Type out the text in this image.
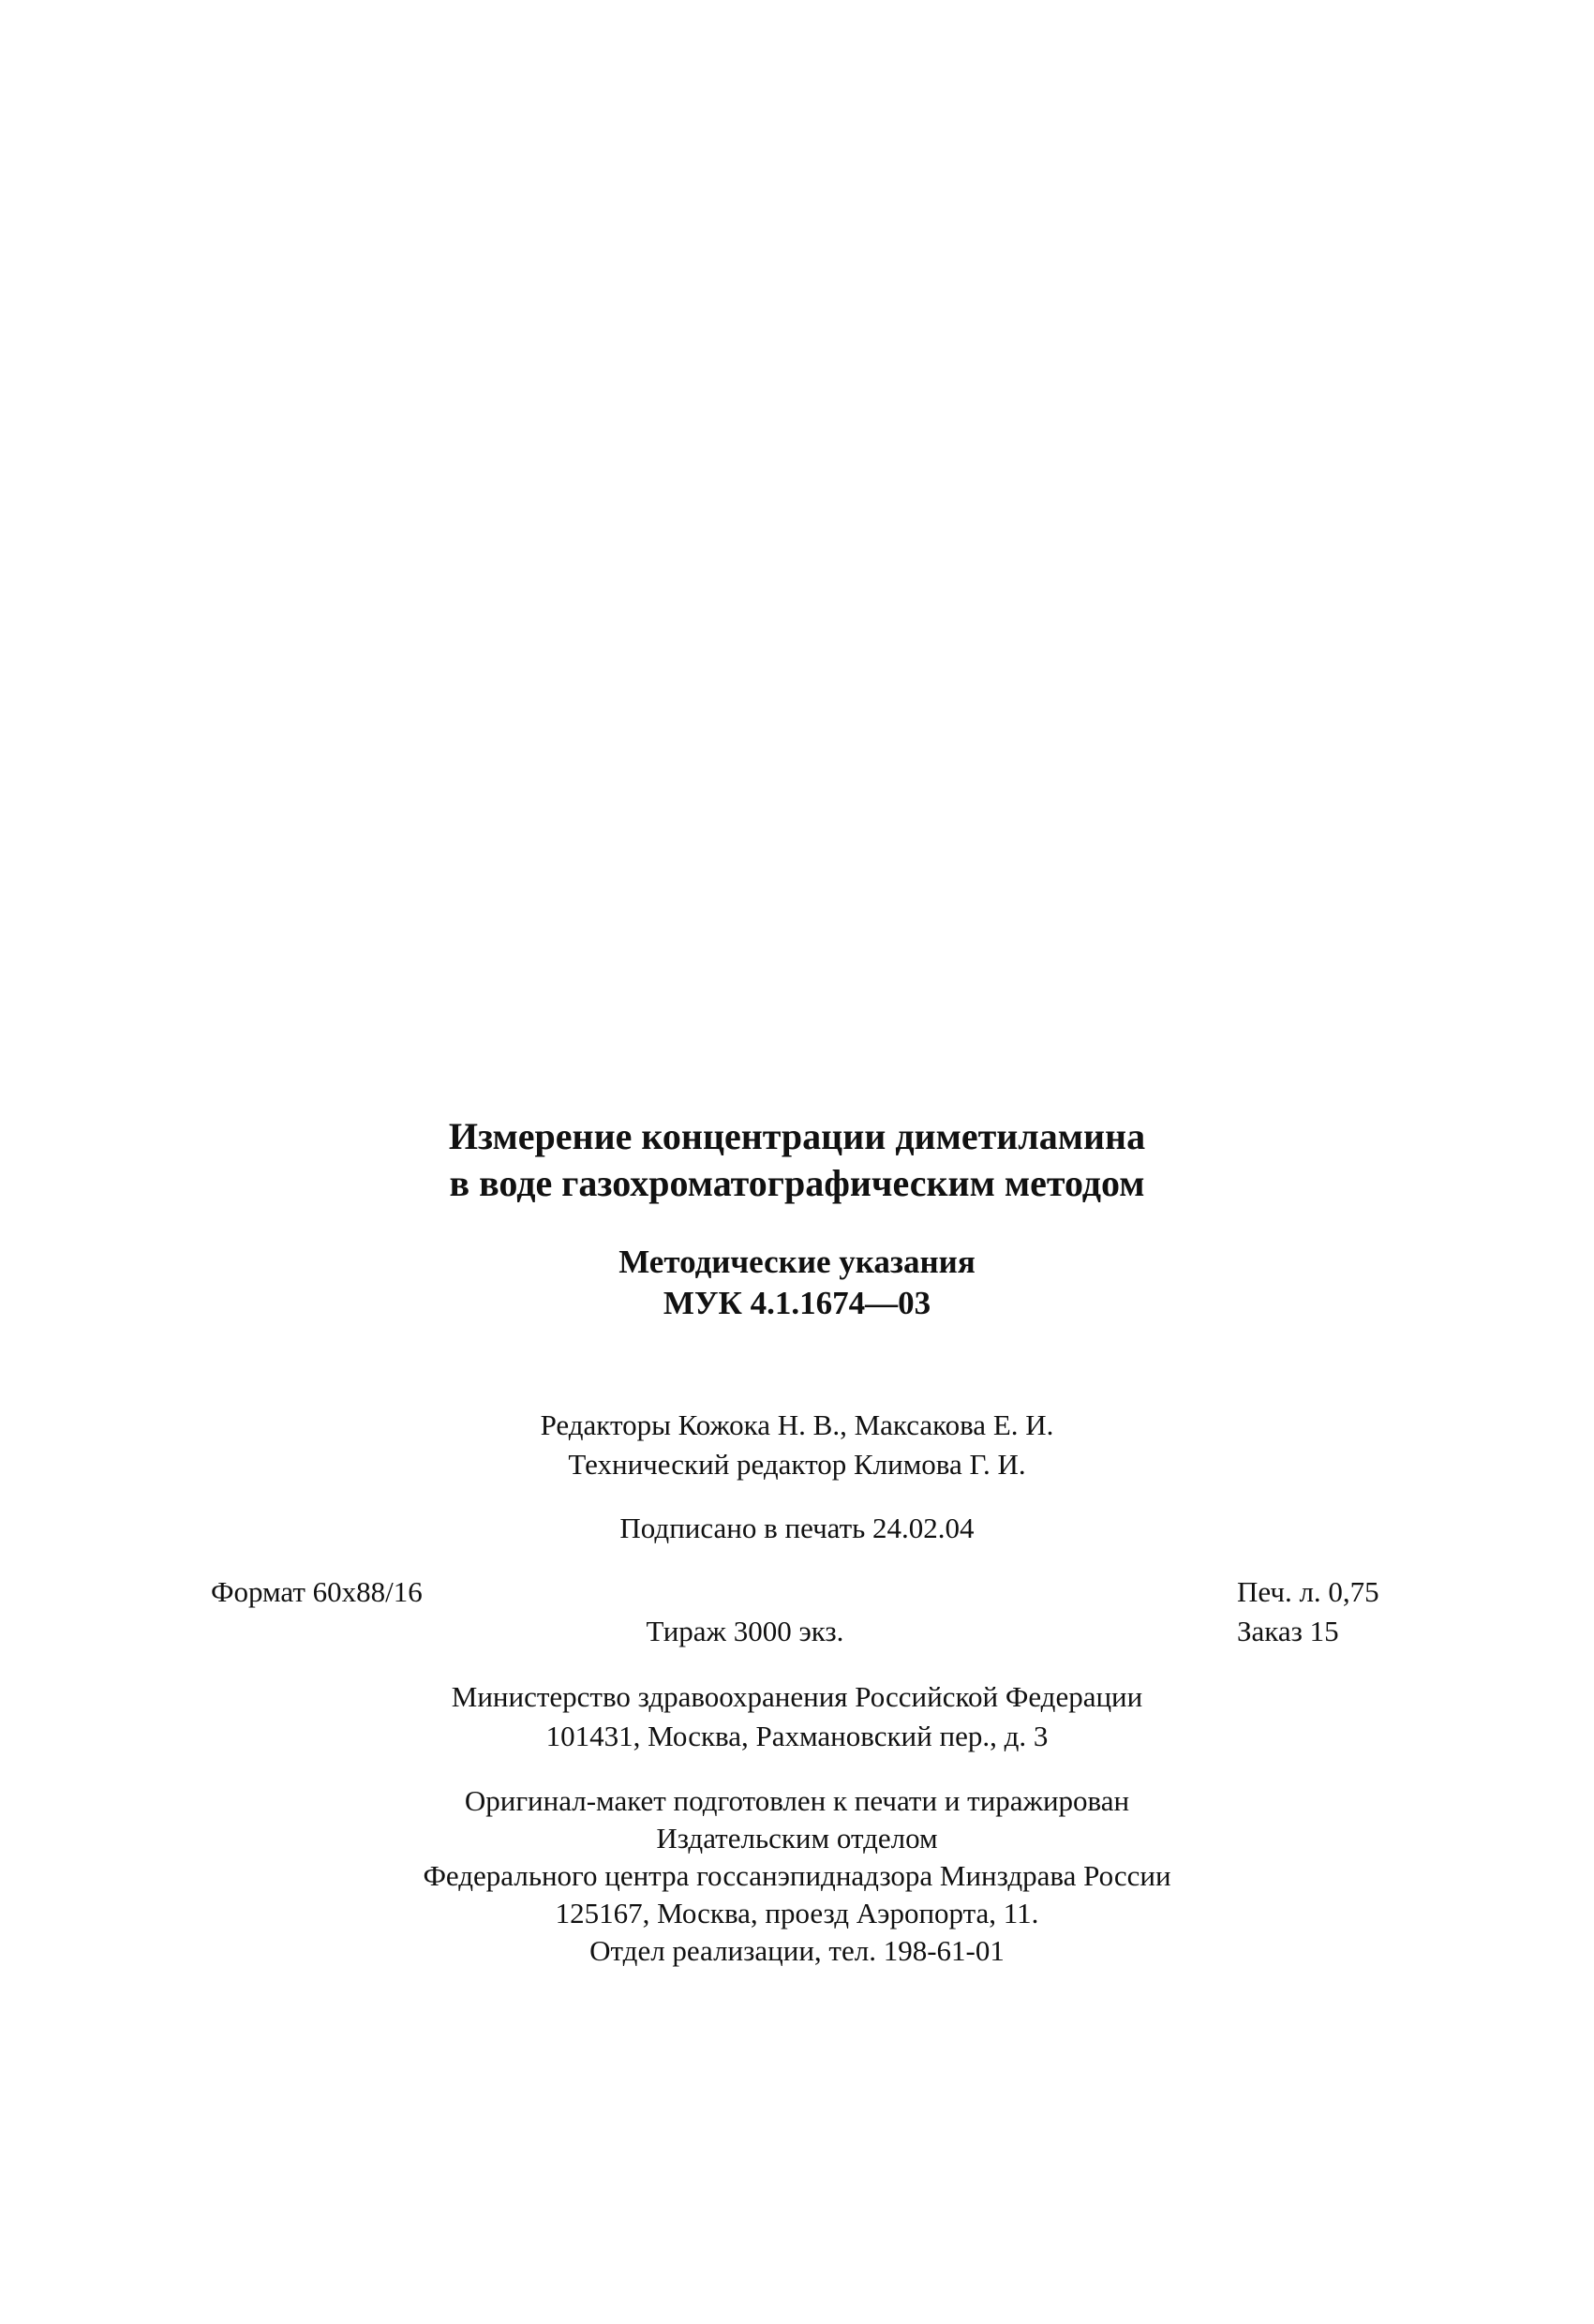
Измерение концентрации диметиламина
в воде газохроматографическим методом
Методические указания
МУК 4.1.1674—03
Редакторы Кожока Н. В., Максакова Е. И.
Технический редактор Климова Г. И.
Подписано в печать 24.02.04
Формат 60x88/16	Печ. л. 0,75
Тираж 3000 экз.	Заказ 15
Министерство здравоохранения Российской Федерации
101431, Москва, Рахмановский пер., д. 3
Оригинал-макет подготовлен к печати и тиражирован
Издательским отделом
Федерального центра госсанэпиднадзора Минздрава России
125167, Москва, проезд Аэропорта, 11.
Отдел реализации, тел. 198-61-01
